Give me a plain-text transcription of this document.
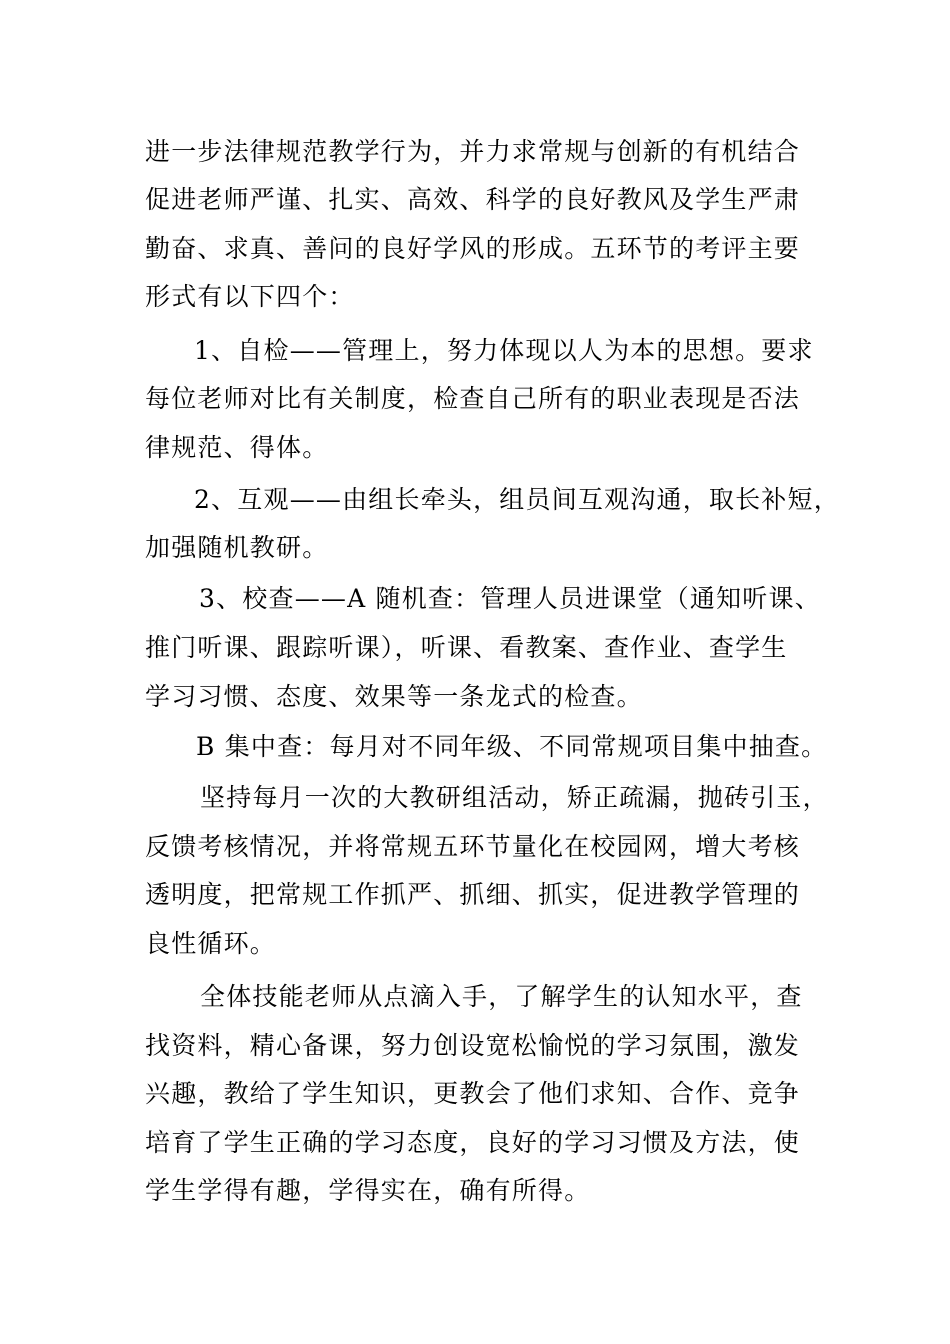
进一步法律规范教学行为，并力求常规与创新的有机结合
促进老师严谨、扎实、高效、科学的良好教风及学生严肃
勤奋、求真、善问的良好学风的形成。五环节的考评主要
形式有以下四个：
1、自检——管理上，努力体现以人为本的思想。要求
每位老师对比有关制度，检查自己所有的职业表现是否法
律规范、得体。
2、互观——由组长牵头，组员间互观沟通，取长补短，
加强随机教研。
3、校查——A 随机查：管理人员进课堂（通知听课、
推门听课、跟踪听课），听课、看教案、查作业、查学生
学习习惯、态度、效果等一条龙式的检查。
B 集中查：每月对不同年级、不同常规项目集中抽查。
坚持每月一次的大教研组活动，矫正疏漏，抛砖引玉，
反馈考核情况，并将常规五环节量化在校园网，增大考核
透明度，把常规工作抓严、抓细、抓实，促进教学管理的
良性循环。
全体技能老师从点滴入手，了解学生的认知水平，查
找资料，精心备课，努力创设宽松愉悦的学习氛围，激发
兴趣，教给了学生知识，更教会了他们求知、合作、竞争
培育了学生正确的学习态度，良好的学习习惯及方法，使
学生学得有趣，学得实在，确有所得。
